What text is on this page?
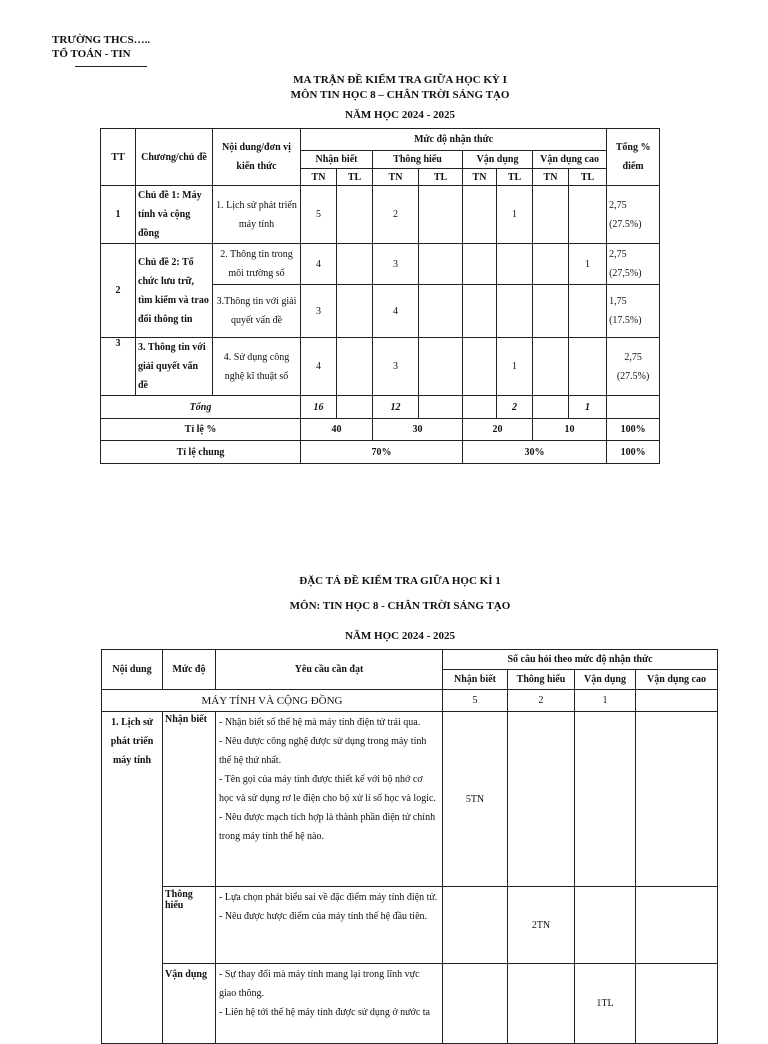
TRƯỜNG THCS…..
TỔ TOÁN - TIN
MA TRẬN ĐỀ KIỂM TRA GIỮA HỌC KỲ I
MÔN TIN HỌC 8 – CHÂN TRỜI SÁNG TẠO
NĂM HỌC 2024 - 2025
TT	Chương/chủ đề	Nội dung/đơn vị kiến thức	Mức độ nhận thức								Tổng % điểm
			Nhận biết		Thông hiểu		Vận dụng		Vận dụng cao		
			TN	TL	TN	TL	TN	TL	TN	TL	
1	Chủ đề 1: Máy tính và cộng đồng	1. Lịch sử phát triển máy tính	5		2			1			2,75
(27.5%)
2	Chủ đề 2: Tổ chức lưu trữ, tìm kiếm và trao đổi thông tin	2. Thông tin trong môi trường số	4		3					1	2,75
(27,5%)
		3.Thông tin với giải quyết vấn đề	3		4						1,75
(17.5%)
3	3. Thông tin với giải quyết vấn đề	4. Sử dụng công nghệ kĩ thuật số	4		3			1			2,75
(27.5%)
Tổng			16		12			2		1	
Tỉ lệ %			40		30		20		10		100%
Tỉ lệ chung			70%				30%				100%
ĐẶC TẢ ĐỀ KIỂM TRA GIỮA HỌC KÌ 1
MÔN: TIN HỌC 8 - CHÂN TRỜI SÁNG TẠO
NĂM HỌC 2024 - 2025
Nội dung	Mức độ	Yêu cầu cần đạt	Số câu hỏi theo mức độ nhận thức			
			Nhận biết	Thông hiểu	Vận dụng	Vận dụng cao
MÁY TÍNH VÀ CỘNG ĐỒNG			5	2	1	
1. Lịch sử phát triển máy tính	Nhận biết	- Nhận biết số thế hệ mà máy tính điện tử trải qua.
- Nêu được công nghệ được sử dụng trong máy tính thế hệ thứ nhất.
- Tên gọi của máy tính được thiết kế với bộ nhớ cơ học và sử dụng rơ le điện cho bộ xử lí số học và logic.
- Nêu được mạch tích hợp là thành phần điện tử chính trong máy tính thế hệ nào.	5TN			
	Thông hiểu	- Lựa chọn phát biểu sai về đặc điểm máy tính điện tử.
- Nêu được hược điểm của máy tính thế hệ đầu tiên.		2TN		
	Vận dụng	- Sự thay đổi mà máy tính mang lại trong lĩnh vực giao thông.
- Liên hệ tới thế hệ máy tính được sử dụng ở nước ta			1TL	
